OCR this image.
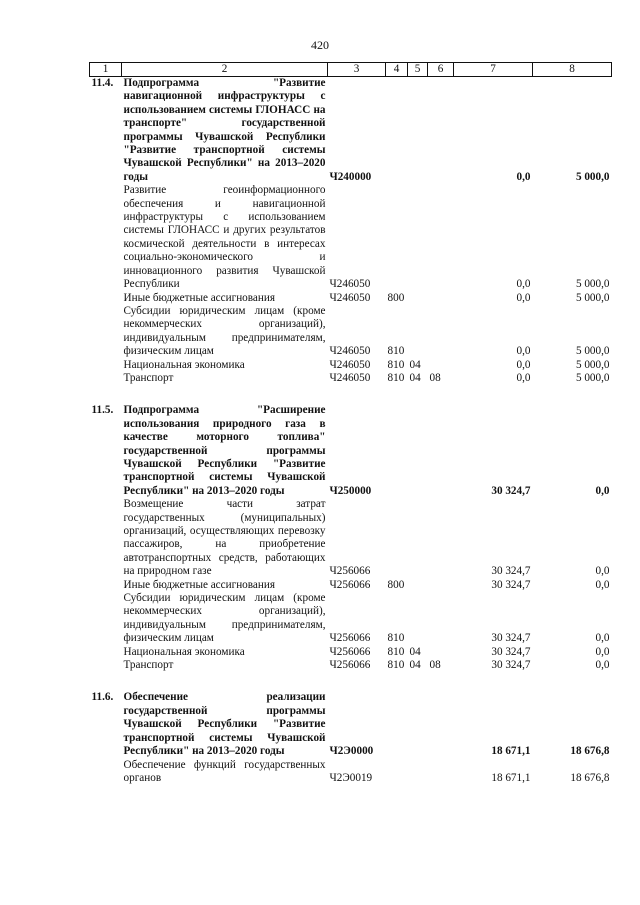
420
1	2	3	4	5	6	7	8
11.4.	Подпрограмма "Развитие навигационной инфраструктуры с использованием системы ГЛОНАСС на транспорте" государственной программы Чувашской Республики "Развитие транспортной системы Чувашской Республики" на 2013–2020 годы	Ч240000				0,0	5 000,0
	Развитие геоинформационного обеспечения и навигационной инфраструктуры с использованием системы ГЛОНАСС и других результатов космической деятельности в интересах социально-экономического и инновационного развития Чувашской Республики	Ч246050				0,0	5 000,0
	Иные бюджетные ассигнования	Ч246050	800			0,0	5 000,0
	Субсидии юридическим лицам (кроме некоммерческих организаций), индивидуальным предпринимателям, физическим лицам	Ч246050	810			0,0	5 000,0
	Национальная экономика	Ч246050	810	04		0,0	5 000,0
	Транспорт	Ч246050	810	04	08	0,0	5 000,0

11.5.	Подпрограмма "Расширение использования природного газа в качестве моторного топлива" государственной программы Чувашской Республики "Развитие транспортной системы Чувашской Республики" на 2013–2020 годы	Ч250000				30 324,7	0,0
	Возмещение части затрат государственных (муниципальных) организаций, осуществляющих перевозку пассажиров, на приобретение автотранспортных средств, работающих на природном газе	Ч256066				30 324,7	0,0
	Иные бюджетные ассигнования	Ч256066	800			30 324,7	0,0
	Субсидии юридическим лицам (кроме некоммерческих организаций), индивидуальным предпринимателям, физическим лицам	Ч256066	810			30 324,7	0,0
	Национальная экономика	Ч256066	810	04		30 324,7	0,0
	Транспорт	Ч256066	810	04	08	30 324,7	0,0

11.6.	Обеспечение реализации государственной программы Чувашской Республики "Развитие транспортной системы Чувашской Республики" на 2013–2020 годы	Ч2Э0000				18 671,1	18 676,8
	Обеспечение функций государственных органов	Ч2Э0019				18 671,1	18 676,8
